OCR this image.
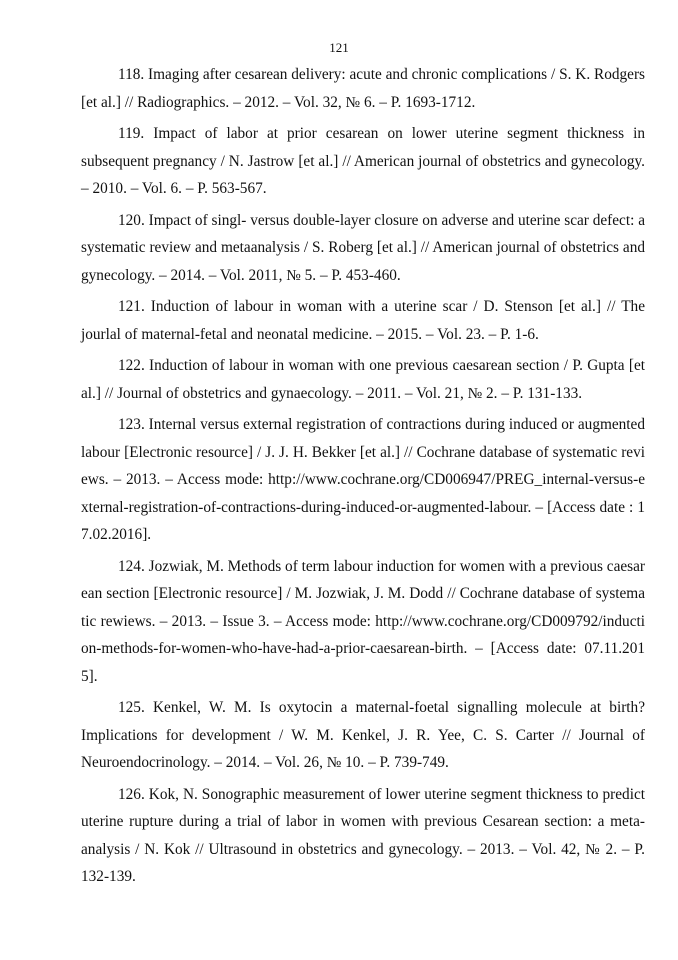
121

118. Imaging after cesarean delivery: acute and chronic complications / S. K. Rodgers [et al.] // Radiographics. – 2012. – Vol. 32, № 6. – P. 1693-1712.

119. Impact of labor at prior cesarean on lower uterine segment thickness in subsequent pregnancy / N. Jastrow [et al.] // American journal of obstetrics and gynecology. – 2010. – Vol. 6. – P. 563-567.

120. Impact of singl- versus double-layer closure on adverse and uterine scar defect: a systematic review and metaanalysis / S. Roberg [et al.] // American journal of obstetrics and gynecology. – 2014. – Vol. 2011, № 5. – P. 453-460.

121. Induction of labour in woman with a uterine scar / D. Stenson [et al.] // The jourlal of maternal-fetal and neonatal medicine. – 2015. – Vol. 23. – P. 1-6.

122. Induction of labour in woman with one previous caesarean section / P. Gupta [et al.] // Journal of obstetrics and gynaecology. – 2011. – Vol. 21, № 2. – P. 131-133.

123. Internal versus external registration of contractions during induced or augmented labour [Electronic resource] / J. J. H. Bekker [et al.] // Cochrane database of systematic reviews. – 2013. – Access mode: http://www.cochrane.org/CD006947/PREG_internal-versus-external-registration-of-contractions-during-induced-or-augmented-labour. – [Access date : 17.02.2016].

124. Jozwiak, M. Methods of term labour induction for women with a previous caesarean section [Electronic resource] / M. Jozwiak, J. M. Dodd // Cochrane database of systematic rewiews. – 2013. – Issue 3. – Access mode: http://www.cochrane.org/CD009792/induction-methods-for-women-who-have-had-a-prior-caesarean-birth. – [Access date: 07.11.2015].

125. Kenkel, W. M. Is oxytocin a maternal-foetal signalling molecule at birth? Implications for development / W. M. Kenkel, J. R. Yee, C. S. Carter // Journal of Neuroendocrinology. – 2014. – Vol. 26, № 10. – P. 739-749.

126. Kok, N. Sonographic measurement of lower uterine segment thickness to predict uterine rupture during a trial of labor in women with previous Cesarean section: a meta-analysis / N. Kok // Ultrasound in obstetrics and gynecology. – 2013. – Vol. 42, № 2. – P. 132-139.
